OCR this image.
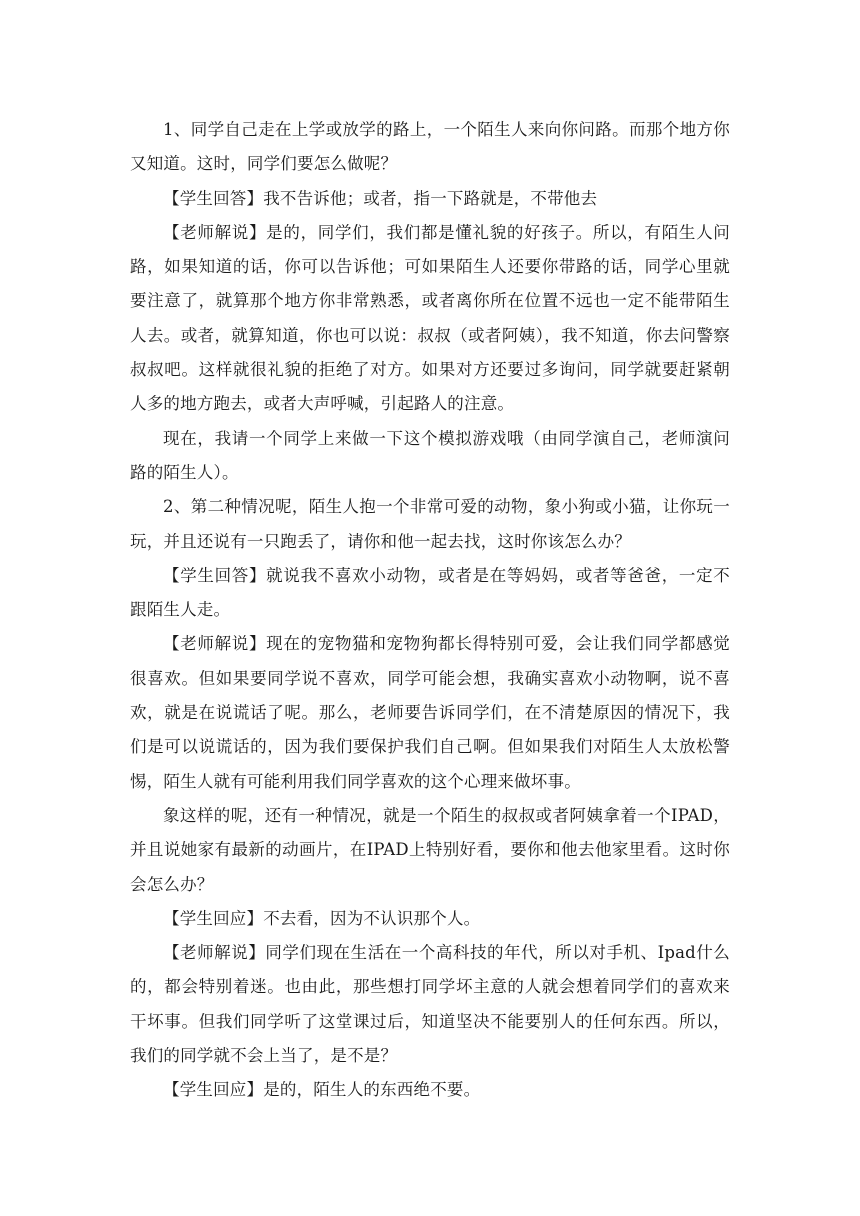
1、同学自己走在上学或放学的路上，一个陌生人来向你问路。而那个地方你又知道。这时，同学们要怎么做呢？

【学生回答】我不告诉他；或者，指一下路就是，不带他去

【老师解说】是的，同学们，我们都是懂礼貌的好孩子。所以，有陌生人问路，如果知道的话，你可以告诉他；可如果陌生人还要你带路的话，同学心里就要注意了，就算那个地方你非常熟悉，或者离你所在位置不远也一定不能带陌生人去。或者，就算知道，你也可以说：叔叔（或者阿姨），我不知道，你去问警察叔叔吧。这样就很礼貌的拒绝了对方。如果对方还要过多询问，同学就要赶紧朝人多的地方跑去，或者大声呼喊，引起路人的注意。

现在，我请一个同学上来做一下这个模拟游戏哦（由同学演自己，老师演问路的陌生人）。

2、第二种情况呢，陌生人抱一个非常可爱的动物，象小狗或小猫，让你玩一玩，并且还说有一只跑丢了，请你和他一起去找，这时你该怎么办？

【学生回答】就说我不喜欢小动物，或者是在等妈妈，或者等爸爸，一定不跟陌生人走。

【老师解说】现在的宠物猫和宠物狗都长得特别可爱，会让我们同学都感觉很喜欢。但如果要同学说不喜欢，同学可能会想，我确实喜欢小动物啊，说不喜欢，就是在说谎话了呢。那么，老师要告诉同学们，在不清楚原因的情况下，我们是可以说谎话的，因为我们要保护我们自己啊。但如果我们对陌生人太放松警惕，陌生人就有可能利用我们同学喜欢的这个心理来做坏事。

象这样的呢，还有一种情况，就是一个陌生的叔叔或者阿姨拿着一个IPAD，并且说她家有最新的动画片，在IPAD上特别好看，要你和他去他家里看。这时你会怎么办？

【学生回应】不去看，因为不认识那个人。

【老师解说】同学们现在生活在一个高科技的年代，所以对手机、Ipad什么的，都会特别着迷。也由此，那些想打同学坏主意的人就会想着同学们的喜欢来干坏事。但我们同学听了这堂课过后，知道坚决不能要别人的任何东西。所以，我们的同学就不会上当了，是不是？

【学生回应】是的，陌生人的东西绝不要。
